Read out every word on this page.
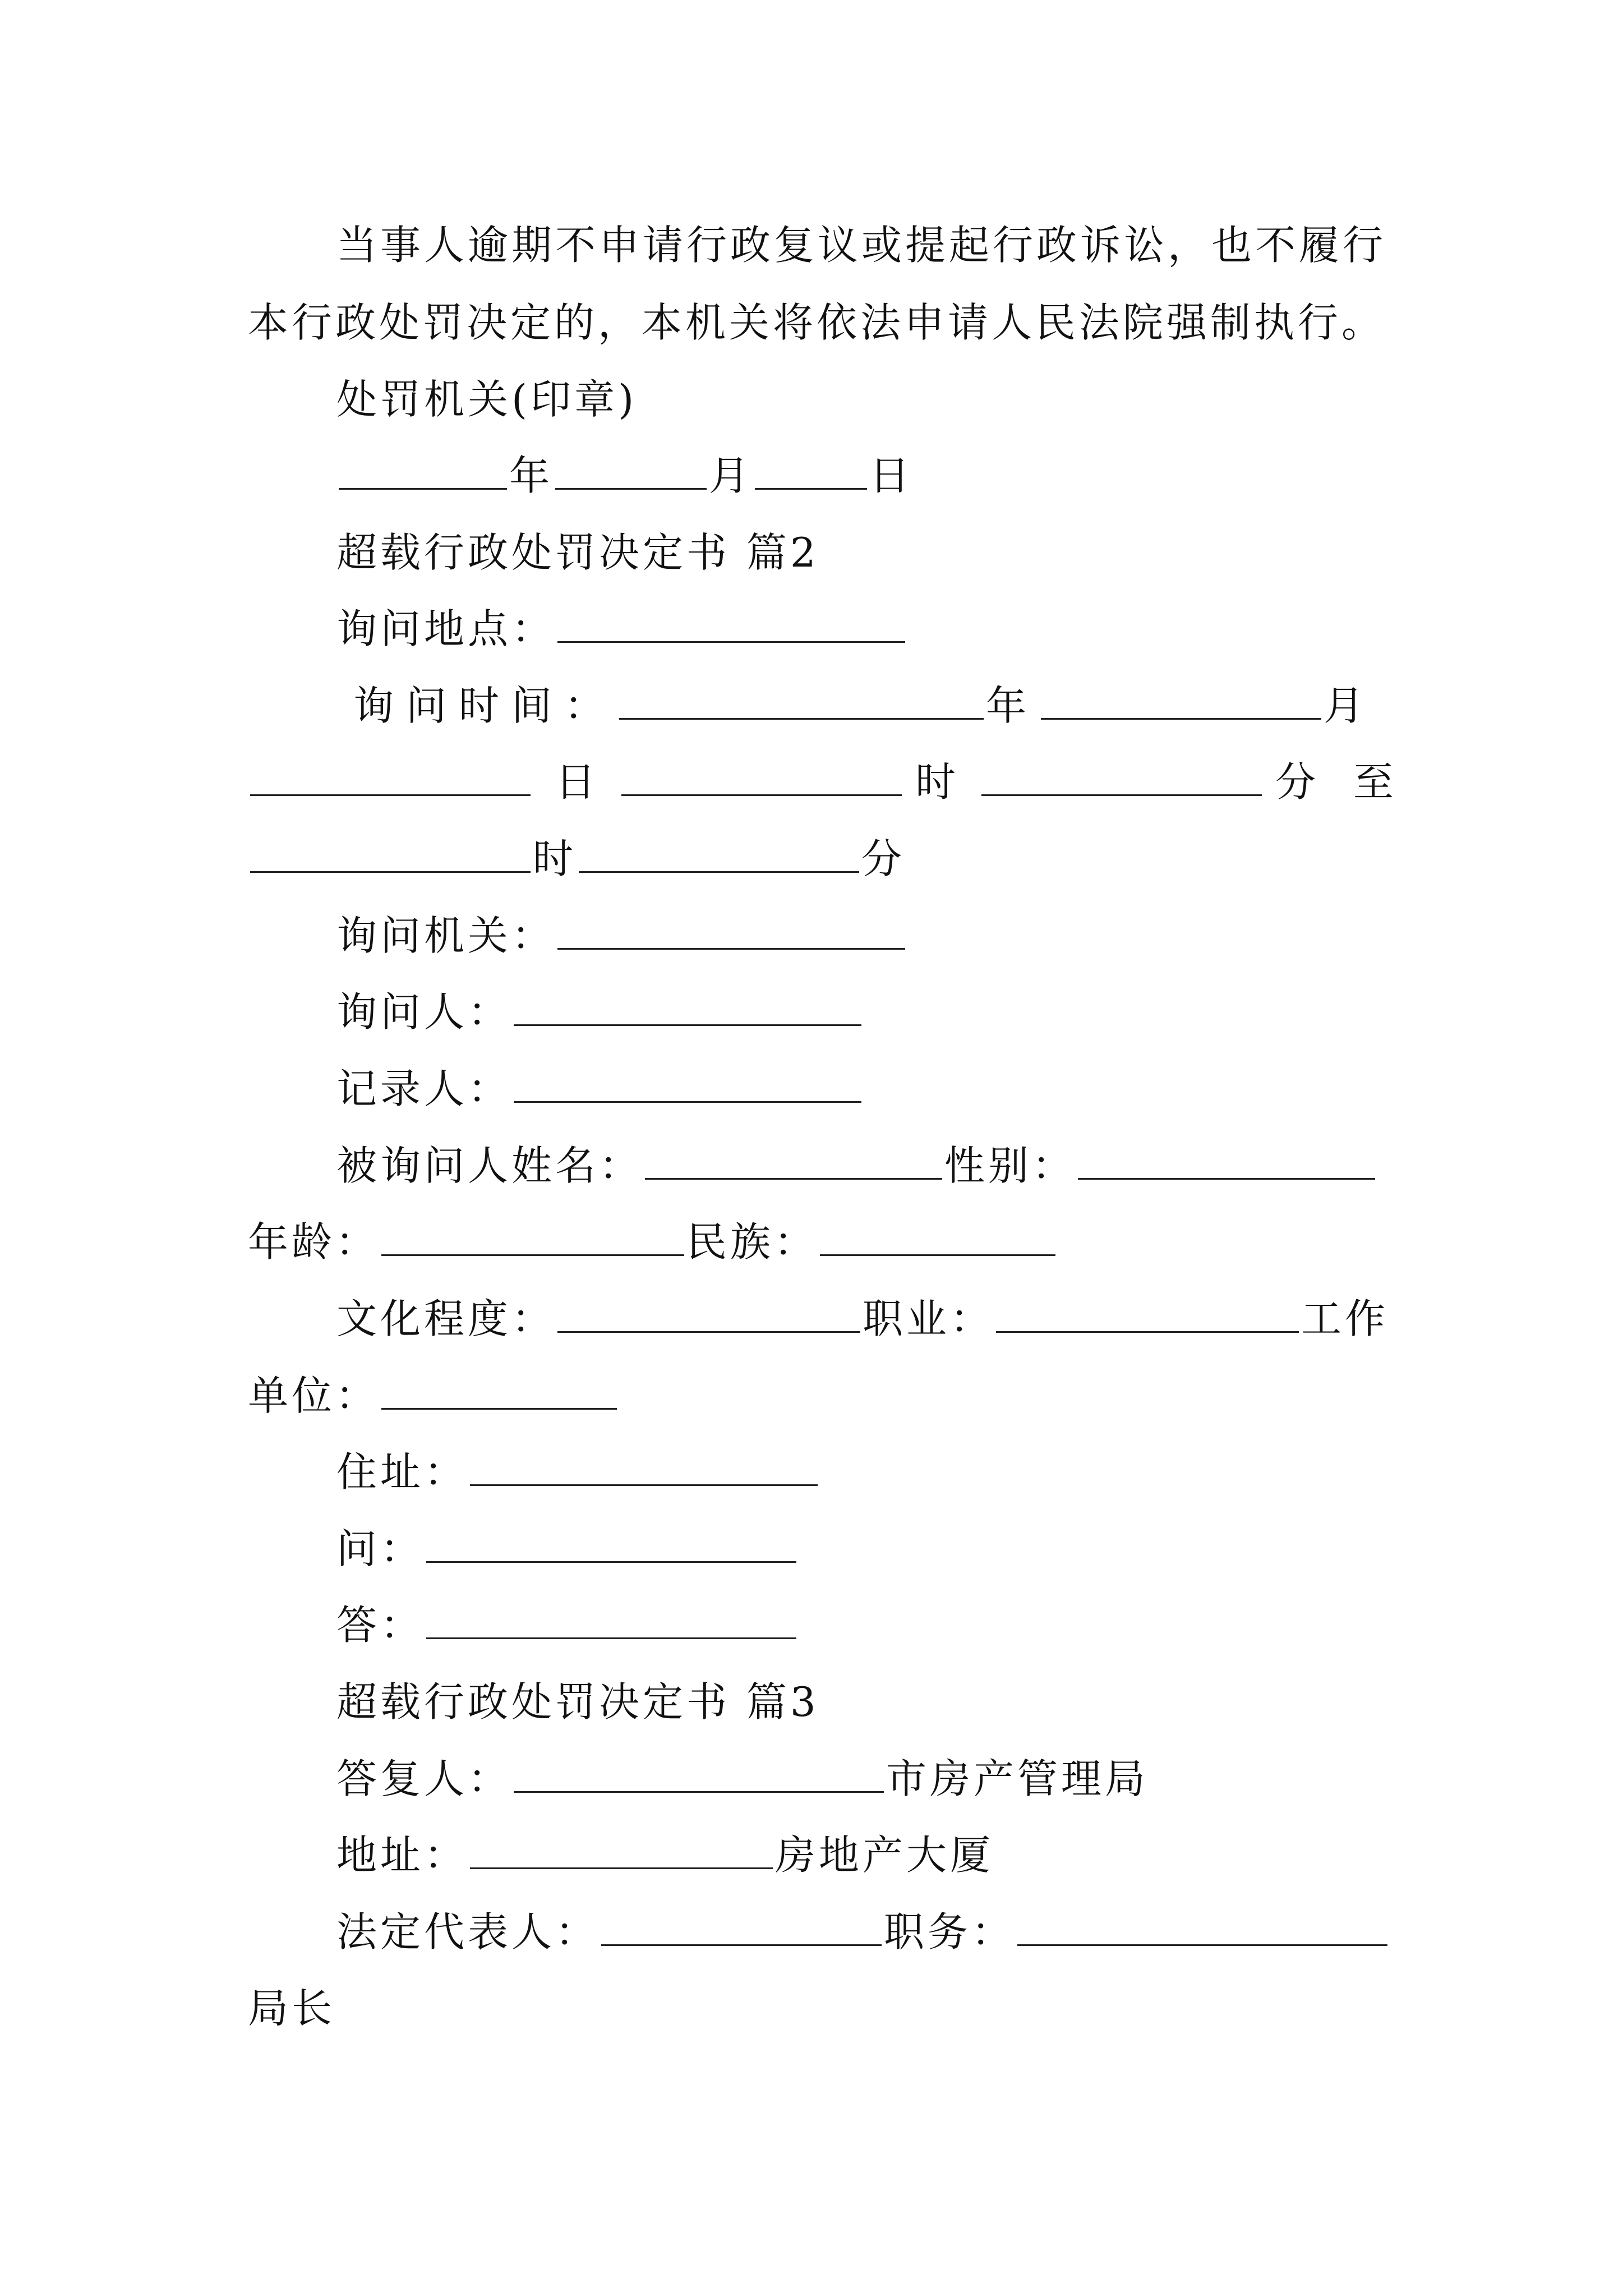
当事人逾期不申请行政复议或提起行政诉讼，也不履行
本行政处罚决定的，本机关将依法申请人民法院强制执行。
处罚机关(印章)
年	月	日
超载行政处罚决定书 篇2
询问地点：
询问时间：	年	月
日	时	分 至
时	分
询问机关：
询问人：
记录人：
被询问人姓名：	性别：
年龄：	民族：
文化程度：	职业：	工作
单位：
住址：
问：
答：
超载行政处罚决定书 篇3
答复人：	市房产管理局
地址：	房地产大厦
法定代表人：	职务：
局长
